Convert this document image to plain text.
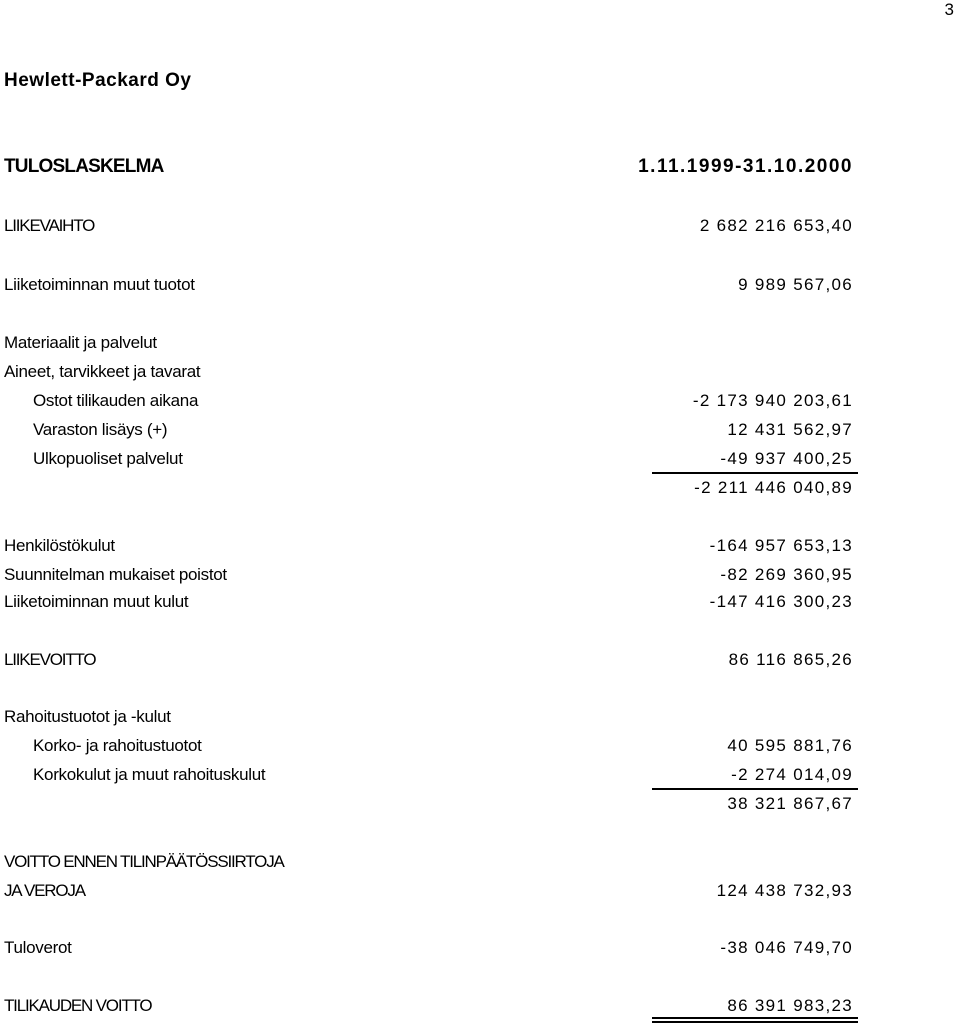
3
Hewlett-Packard Oy
TULOSLASKELMA	1.11.1999-31.10.2000
LIIKEVAIHTO	2 682 216 653,40
Liiketoiminnan muut tuotot	9 989 567,06
Materiaalit ja palvelut
Aineet, tarvikkeet ja tavarat
Ostot tilikauden aikana	-2 173 940 203,61
Varaston lisäys (+)	12 431 562,97
Ulkopuoliset palvelut	-49 937 400,25
-2 211 446 040,89
Henkilöstökulut	-164 957 653,13
Suunnitelman mukaiset poistot	-82 269 360,95
Liiketoiminnan muut kulut	-147 416 300,23
LIIKEVOITTO	86 116 865,26
Rahoitustuotot ja -kulut
Korko- ja rahoitustuotot	40 595 881,76
Korkokulut ja muut rahoituskulut	-2 274 014,09
38 321 867,67
VOITTO ENNEN TILINPÄÄTÖSSIIRTOJA
JA VEROJA	124 438 732,93
Tuloverot	-38 046 749,70
TILIKAUDEN VOITTO	86 391 983,23
